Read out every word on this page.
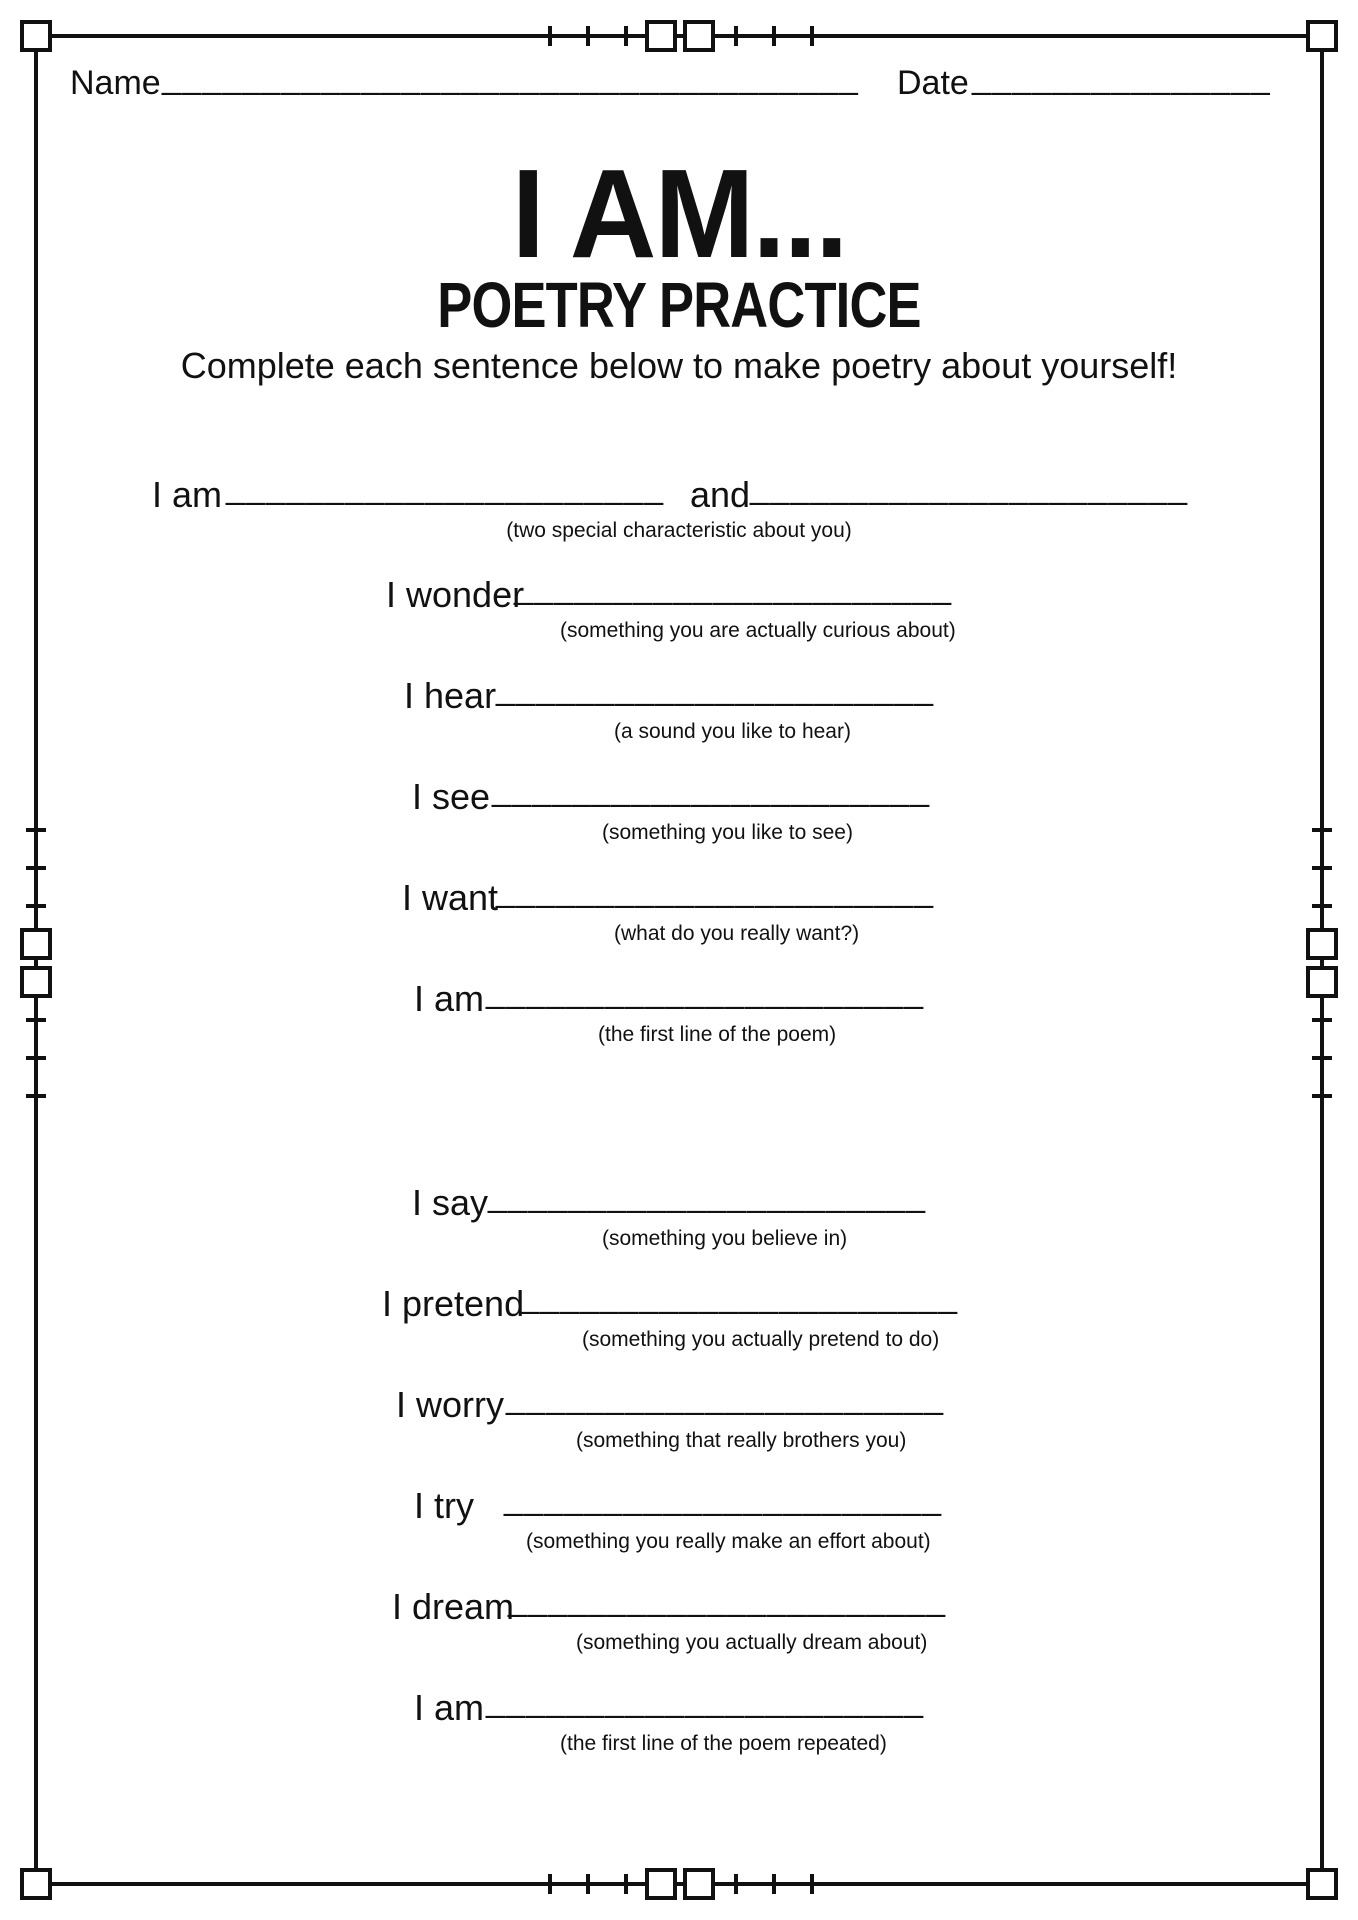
Name ___________________________________ Date _______________
I AM...
POETRY PRACTICE
Complete each sentence below to make poetry about yourself!
I am ______________________ and ______________________
(two special characteristic about you)
I wonder
______________________
(something you are actually curious about)
I hear ______________________
(a sound you like to hear)
I see ______________________
(something you like to see)
I want
______________________
(what do you really want?)
I am ______________________
(the first line of the poem)
I say ______________________
(something you believe in)
I pretend
______________________
(something you actually pretend to do)
I worry ______________________
(something that really brothers you)
I try ______________________
(something you really make an effort about)
I dream
______________________
(something you actually dream about)
I am ______________________
(the first line of the poem repeated)
